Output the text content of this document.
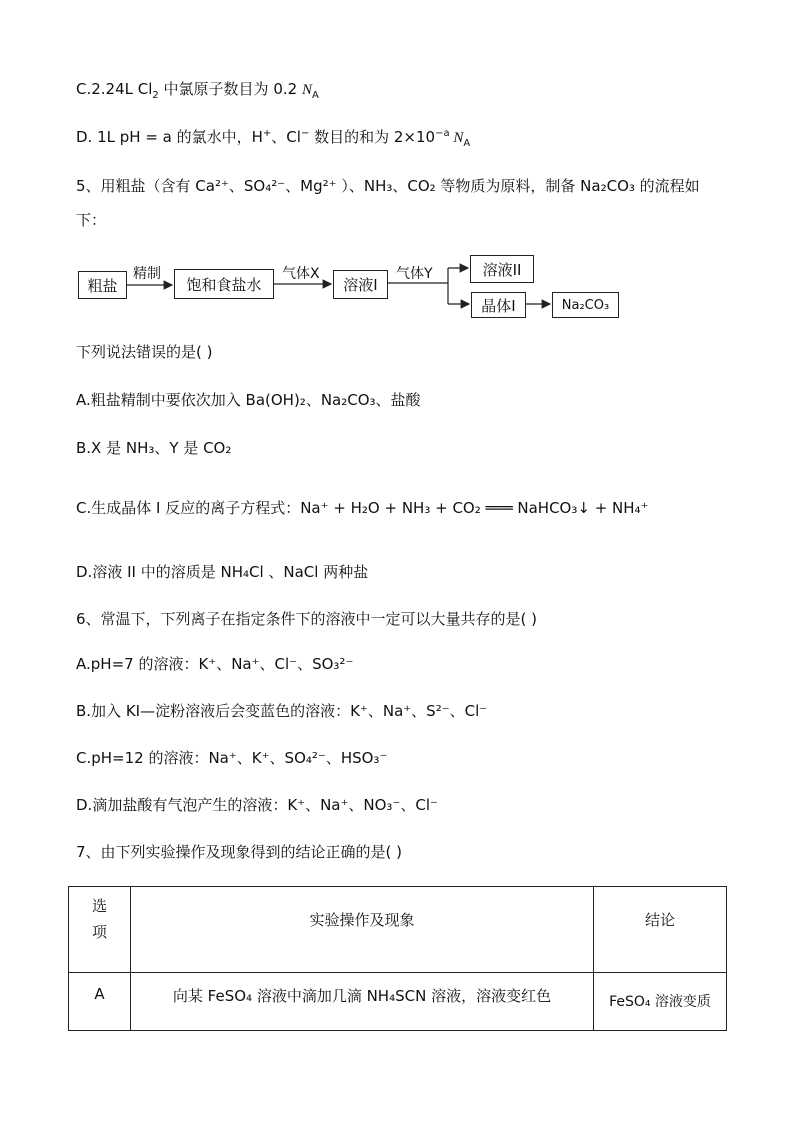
C.2.24L $Cl_2$ 中氯原子数目为 0.2 $N_A$
D. 1L pH = a 的氯水中，H+、Cl− 数目的和为 $2\times 10^{-a}$ $N_A$
5、用粗盐（含有 Ca²⁺、SO₄²⁻、Mg²⁺ ）、NH₃、CO₂ 等物质为原料，制备 Na₂CO₃ 的流程如
下：
粗盐	饱和食盐水	溶液I
溶液II
晶体I	Na₂CO₃
精制	气体X	气体Y
下列说法错误的是( )
A.粗盐精制中要依次加入 Ba(OH)₂、Na₂CO₃、盐酸
B.X 是 NH₃、Y 是 CO₂
C.生成晶体 I 反应的离子方程式：Na⁺ + H₂O + NH₃ + CO₂ ═══ NaHCO₃↓ + NH₄⁺
D.溶液 II 中的溶质是 NH₄Cl 、NaCl 两种盐
6、常温下，下列离子在指定条件下的溶液中一定可以大量共存的是( )
A.pH=7 的溶液：K⁺、Na⁺、Cl⁻、SO₃²⁻
B.加入 KI—淀粉溶液后会变蓝色的溶液：K⁺、Na⁺、S²⁻、Cl⁻
C.pH=12 的溶液：Na⁺、K⁺、SO₄²⁻、HSO₃⁻
D.滴加盐酸有气泡产生的溶液：K⁺、Na⁺、NO₃⁻、Cl⁻
7、由下列实验操作及现象得到的结论正确的是( )
选项	实验操作及现象	结论
A	向某 FeSO₄ 溶液中滴加几滴 NH₄SCN 溶液，溶液变红色	FeSO₄ 溶液变质
